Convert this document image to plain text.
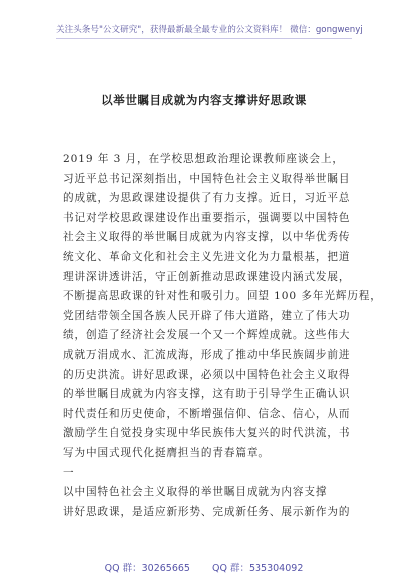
关注头条号"公文研究"，获得最新最全最专业的公文资料库！ 微信：gongwenyj
以举世瞩目成就为内容支撑讲好思政课
2019 年 3 月，在学校思想政治理论课教师座谈会上，
习近平总书记深刻指出，中国特色社会主义取得举世瞩目
的成就，为思政课建设提供了有力支撑。近日，习近平总
书记对学校思政课建设作出重要指示，强调要以中国特色
社会主义取得的举世瞩目成就为内容支撑，以中华优秀传
统文化、革命文化和社会主义先进文化为力量根基，把道
理讲深讲透讲活，守正创新推动思政课建设内涵式发展，
不断提高思政课的针对性和吸引力。回望 100 多年光辉历程，
党团结带领全国各族人民开辟了伟大道路，建立了伟大功
绩，创造了经济社会发展一个又一个辉煌成就。这些伟大
成就万涓成水、汇流成海，形成了推动中华民族阔步前进
的历史洪流。讲好思政课，必须以中国特色社会主义取得
的举世瞩目成就为内容支撑，这有助于引导学生正确认识
时代责任和历史使命，不断增强信仰、信念、信心，从而
激励学生自觉投身实现中华民族伟大复兴的时代洪流，书
写为中国式现代化挺膺担当的青春篇章。
一
以中国特色社会主义取得的举世瞩目成就为内容支撑
讲好思政课，是适应新形势、完成新任务、展示新作为的
QQ 群：30265665 QQ 群：535304092
